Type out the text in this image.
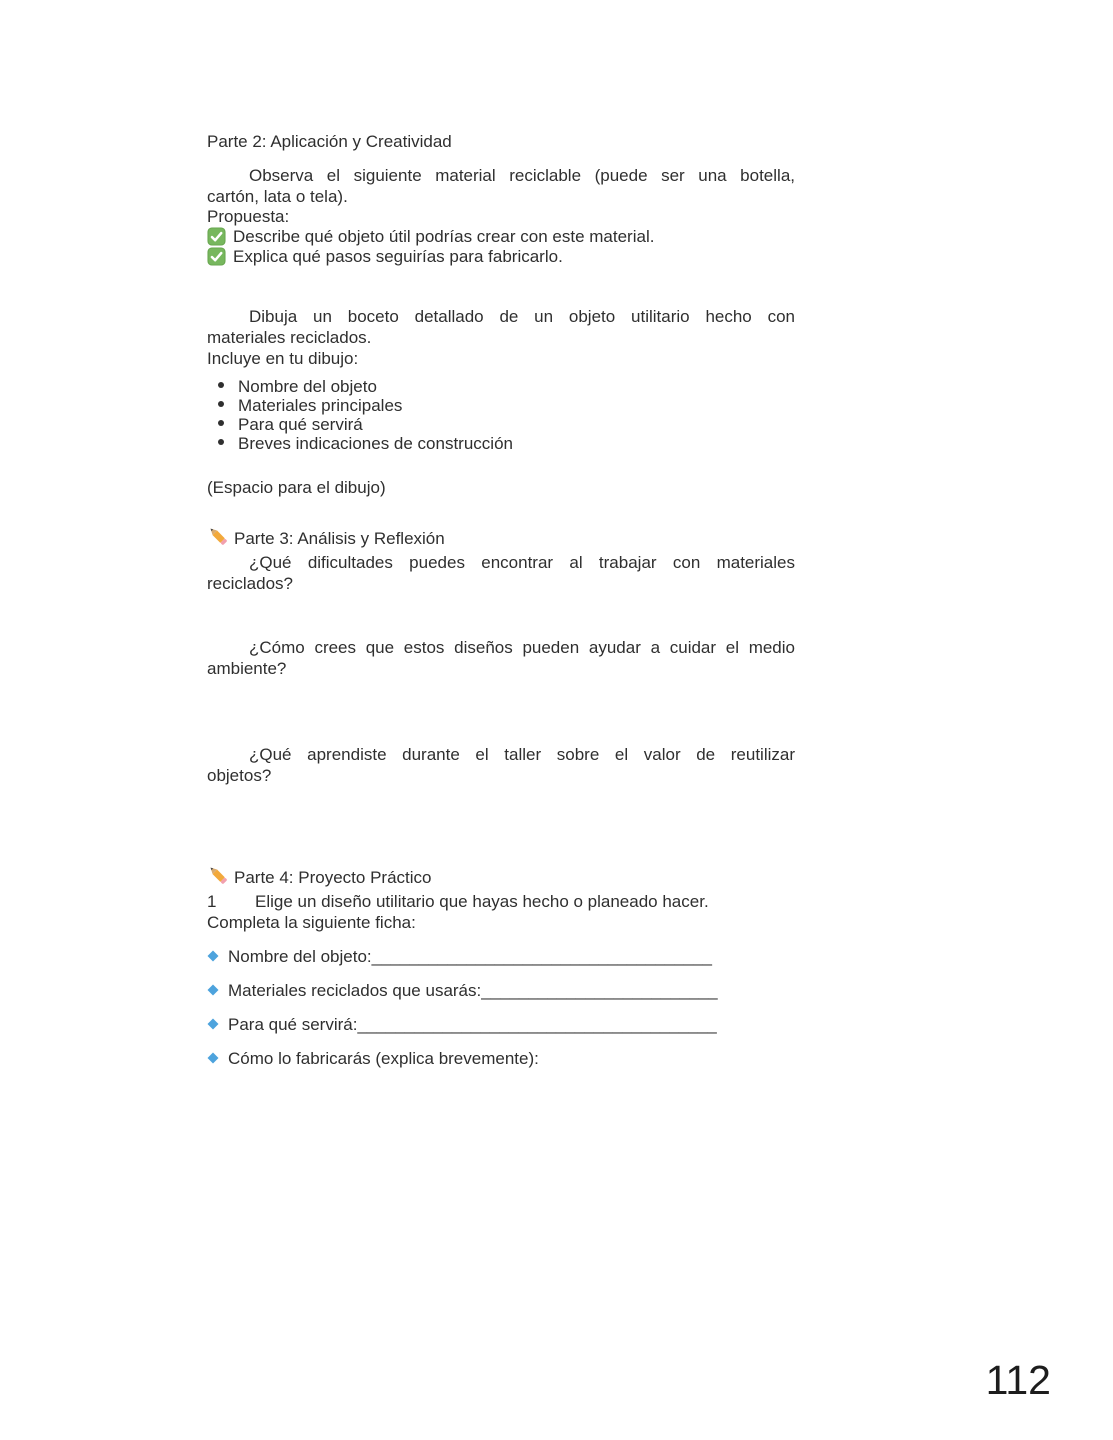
Parte 2: Aplicación y Creatividad
Observa el siguiente material reciclable (puede ser una botella,
cartón, lata o tela).
Propuesta:
Describe qué objeto útil podrías crear con este material.
Explica qué pasos seguirías para fabricarlo.
Dibuja un boceto detallado de un objeto utilitario hecho con
materiales reciclados.
Incluye en tu dibujo:
Nombre del objeto
Materiales principales
Para qué servirá
Breves indicaciones de construcción
(Espacio para el dibujo)
Parte 3: Análisis y Reflexión
¿Qué dificultades puedes encontrar al trabajar con materiales
reciclados?
¿Cómo crees que estos diseños pueden ayudar a cuidar el medio
ambiente?
¿Qué aprendiste durante el taller sobre el valor de reutilizar
objetos?
Parte 4: Proyecto Práctico
1 Elige un diseño utilitario que hayas hecho o planeado hacer.
Completa la siguiente ficha:
Nombre del objeto: ____________________________________
Materiales reciclados que usarás: _________________________
Para qué servirá: ______________________________________
Cómo lo fabricarás (explica brevemente):
112
